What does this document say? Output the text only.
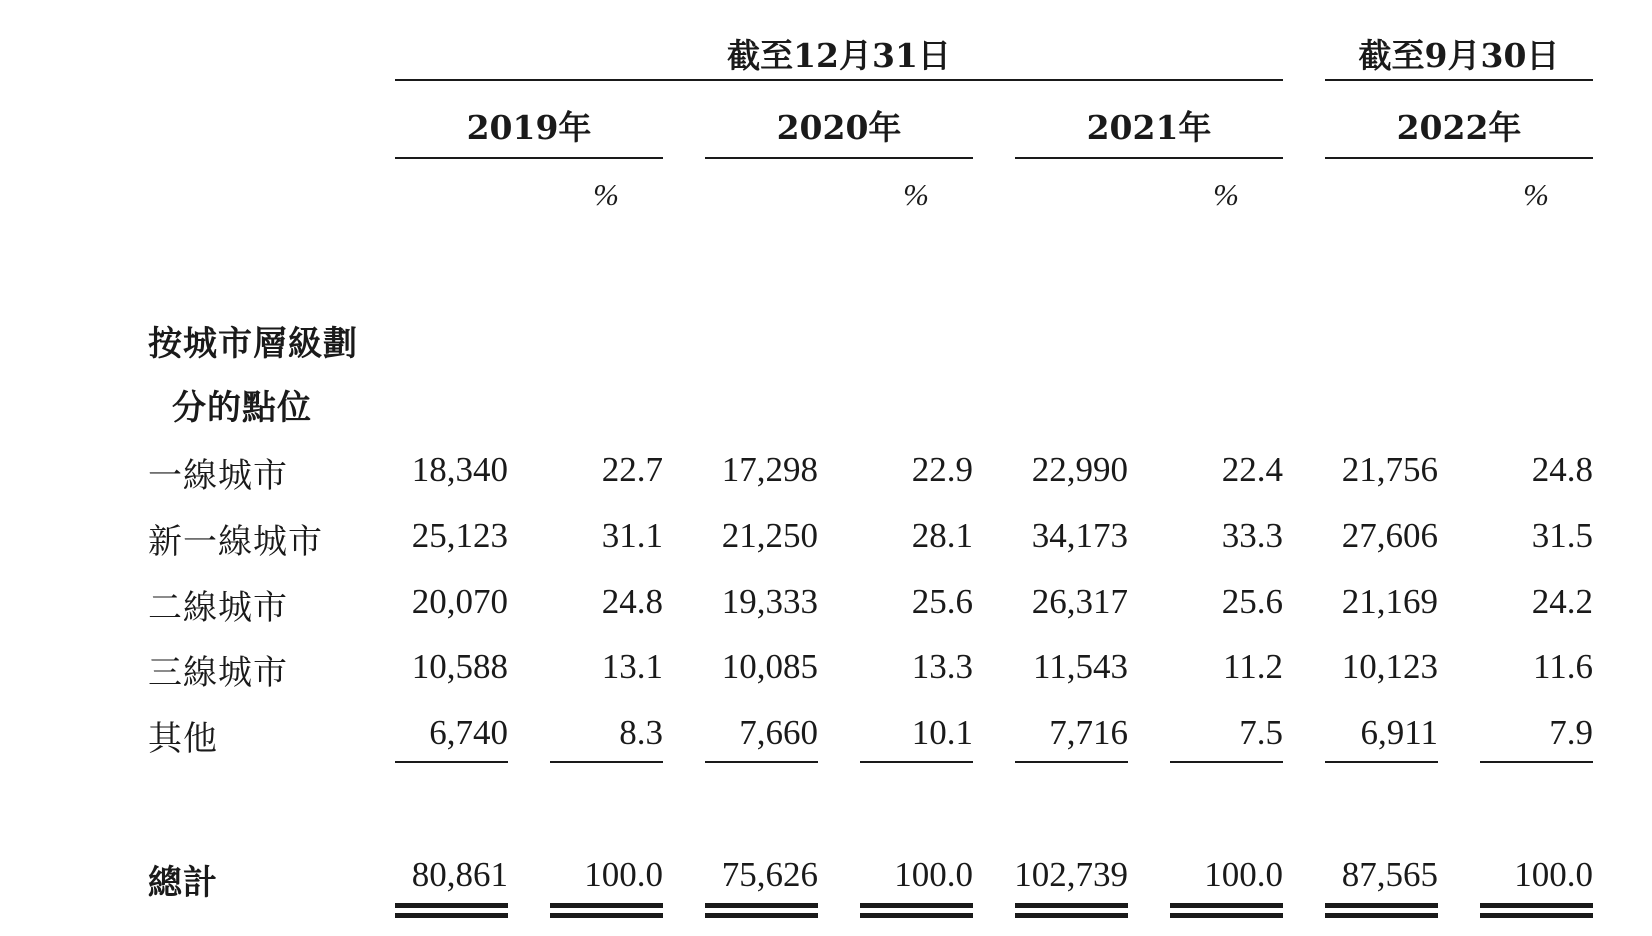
截至12月31日	截至9月30日
2019年	2020年	2021年	2022年
%	%	%	%
按城市層級劃
分的點位
一線城市	18,340	22.7	17,298	22.9	22,990	22.4	21,756	24.8
新一線城市	25,123	31.1	21,250	28.1	34,173	33.3	27,606	31.5
二線城市	20,070	24.8	19,333	25.6	26,317	25.6	21,169	24.2
三線城市	10,588	13.1	10,085	13.3	11,543	11.2	10,123	11.6
其他	6,740	8.3	7,660	10.1	7,716	7.5	6,911	7.9
總計	80,861	100.0	75,626	100.0	102,739	100.0	87,565	100.0
